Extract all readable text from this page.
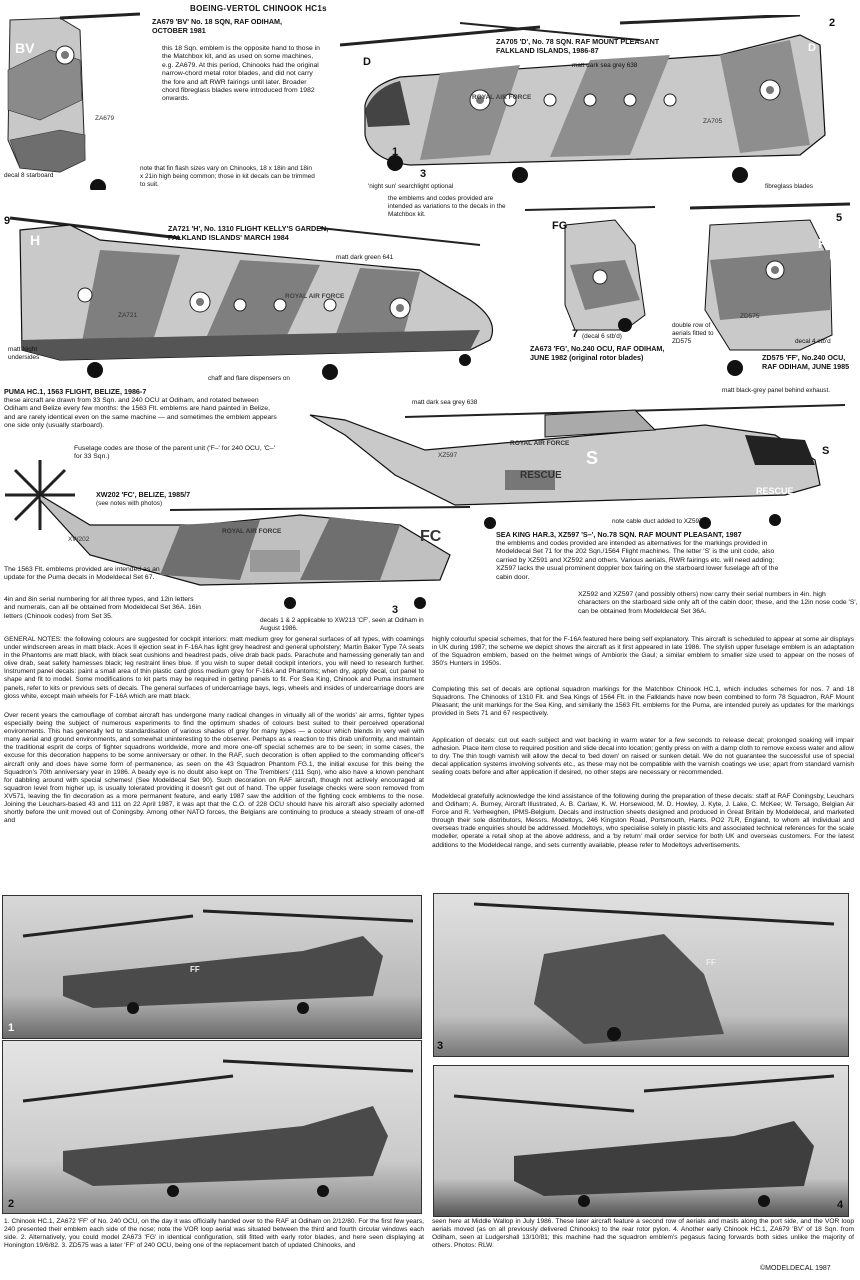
BOEING-VERTOL CHINOOK HC1s
BV
ZA679
ZA679 'BV' No. 18 SQN, RAF ODIHAM, OCTOBER 1981
this 18 Sqn. emblem is the opposite hand to those in the Matchbox kit, and as used on some machines, e.g. ZA679. At this period, Chinooks had the original narrow-chord metal rotor blades, and did not carry the fore and aft RWR fairings until later. Broader chord fibreglass blades were introduced from 1982 onwards.
note that fin flash sizes vary on Chinooks, 18 x 18in and 18in x 21in high being common; those in kit decals can be trimmed to suit.
decal 8 starboard
ROYAL AIR FORCE
ZA705
D
D
2
ZA705 'D', No. 78 SQN. RAF MOUNT PLEASANT FALKLAND ISLANDS, 1986-87
matt dark sea grey 638
1
3
'night sun' searchlight optional
the emblems and codes provided are intended as variations to the decals in the Matchbox kit.
fibreglass blades
H
ROYAL AIR FORCE
ZA721
9
ZA721 'H', No. 1310 FLIGHT KELLY'S GARDEN, FALKLAND ISLANDS' MARCH 1984
matt dark green 641
matt Night undersides
chaff and flare dispensers on
FG
7 (decal 6 stb'd)
ZA673 'FG', No.240 OCU, RAF ODIHAM, JUNE 1982 (original rotor blades)
FF
ZD575
5
double row of aerials fitted to ZD575	decal 4 stb'd
ZD575 'FF', No.240 OCU, RAF ODIHAM, JUNE 1985
PUMA HC.1, 1563 FLIGHT, BELIZE, 1986-7
these aircraft are drawn from 33 Sqn. and 240 OCU at Odiham, and rotated between Odiham and Belize every few months: the 1563 Flt. emblems are hand painted in Belize, and are rarely identical even on the same machine — and sometimes the emblem appears one side only (usually starboard).
Fuselage codes are those of the parent unit ('F–' for 240 OCU, 'C–' for 33 Sqn.)
ROYAL AIR FORCE
XZ597	S
RESCUE
RESCUE
S
matt dark sea grey 638
matt black-grey panel behind exhaust.
note cable duct added to XZ597
SEA KING HAR.3, XZ597 'S–', No.78 SQN. RAF MOUNT PLEASANT, 1987
the emblems and codes provided are intended as alternatives for the markings provided in Modeldecal Set 71 for the 202 Sqn./1564 Flight machines. The letter 'S' is the unit code, also carried by XZ591 and XZ592 and others. Various aerials, RWR fairings etc. will need adding; XZ597 lacks the usual prominent doppler box fairing on the starboard lower fuselage aft of the cabin door.
XZ592 and XZ597 (and possibly others) now carry their serial numbers in 4in. high characters on the starboard side only aft of the cabin door; these, and the 12in nose code 'S', can be obtained from Modeldecal Set 36A.
FC
XW202
ROYAL AIR FORCE
XW202 'FC', BELIZE, 1985/7
(see notes with photos)
The 1563 Flt. emblems provided are intended as an update for the Puma decals in Modeldecal Set 67.
4in and 8in serial numbering for all three types, and 12in letters and numerals, can all be obtained from Modeldecal Set 36A. 16in letters (Chinook codes) from Set 35.
3
decals 1 & 2 applicable to XW213 'CF', seen at Odiham in August 1986.
GENERAL NOTES: the following colours are suggested for cockpit interiors: matt medium grey for general surfaces of all types, with coamings under windscreen areas in matt black. Aces II ejection seat in F-16A has light grey headrest and general upholstery; Martin Baker Type 7A seats in the Phantoms are matt black, with black seat cushions and headrest pads, olive drab back pads. Parachute and harnessing generally tan and olive drab, seat safety harnesses black; leg restraint lines blue. If you wish to super detail cockpit interiors, you will need to research further. Instrument panel decals: paint a small area of thin plastic card gloss medium grey for F-16A and Phantoms; when dry, apply decal, cut panel to shape and fit to model. Some modifications to kit parts may be required in getting panels to fit. For Sea King, Chinook and Puma instrument panels, refer to kits or previous sets of decals. The general surfaces of undercarriage bays, legs, wheels and insides of undercarriage doors are gloss white, except main wheels for F-16A which are matt black.
Over recent years the camouflage of combat aircraft has undergone many radical changes in virtually all of the worlds' air arms, fighter types especially being the subject of numerous experiments to find the optimum shades of colours best suited to their perceived operational environments. This has generally led to standardisation of various shades of grey for many types — a colour which blends in very well with many aerial and ground environments, and somewhat uninteresting to the observer. Perhaps as a reaction to this drab uniformity, and maintain the traditional esprit de corps of fighter squadrons worldwide, more and more one-off special schemes are to be seen; in some cases, the excuse for this decoration happens to be some anniversary or other. In the RAF, such decoration is often applied to the commanding officer's aircraft only and does have some form of permanence, as seen on the 43 Squadron Phantom FG.1, the initial excuse for this being the Squadron's 70th anniversary year in 1986. A beady eye is no doubt also kept on 'The Tremblers' (111 Sqn), who also have a known penchant for dabbling around with special schemes! (See Modeldecal Set 90). Such decoration on RAF aircraft, though not actively encouraged at squadron level from higher up, is usually tolerated providing it doesn't get out of hand. The upper fuselage checks were soon removed from XV571, leaving the fin decoration as a more permanent feature, and early 1987 saw the addition of the fighting cock emblems to the nose. Joining the Leuchars-based 43 and 111 on 22 April 1987, it was apt that the C.O. of 228 OCU should have his aircraft also specially adorned shortly before the unit moved out of Coningsby. Among other NATO forces, the Belgians are continuing to produce a steady stream of one-off and
highly colourful special schemes, that for the F-16A featured here being self explanatory. This aircraft is scheduled to appear at some air displays in UK during 1987; the scheme we depict shows the aircraft as it first appeared in late 1986. The stylish upper fuselage emblem is an adaptation of the Squadron emblem, based on the helmet wings of Ambiorix the Gaul; a similar emblem to smaller size used to appear on the noses of 350's Hunters in 1950s.
Completing this set of decals are optional squadron markings for the Matchbox Chinook HC.1, which includes schemes for nos. 7 and 18 Squadrons. The Chinooks of 1310 Flt. and Sea Kings of 1564 Flt. in the Falklands have now been combined to form 78 Squadron, RAF Mount Pleasant; the unit markings for the Sea King, and similarly the 1563 Flt. emblems for the Puma, are intended purely as updates for the markings provided in Sets 71 and 67 respectively.
Application of decals: cut out each subject and wet backing in warm water for a few seconds to release decal; prolonged soaking will impair adhesion. Place item close to required position and slide decal into location; gently press on with a damp cloth to remove excess water and allow to dry. The thin tough varnish will allow the decal to 'bed down' on raised or sunken detail. We do not guarantee the successful use of special decal application systems involving solvents etc., as these may not be compatible with the varnish coatings we use; apart from standard varnish sealing coats before and after application if desired, no other steps are necessary or recommended.
Modeldecal gratefully acknowledge the kind assistance of the following during the preparation of these decals: staff at RAF Coningsby, Leuchars and Odiham; A. Burney, Aircraft Illustrated, A. B. Carlaw, K. W. Horsewood, M. D. Howley, J. Kyte, J. Lake, C. McKee; W. Tersago, Belgian Air Force and R. Verheeghen, IPMS-Belgium. Decals and instruction sheets designed and produced in Great Britain by Modeldecal, and marketed through their sole distributors, Messrs. Modeltoys, 246 Kingston Road, Portsmouth, Hants. PO2 7LR, England, to whom all individual and overseas trade enquiries should be addressed. Modeltoys, who specialise solely in plastic kits and associated technical references for the scale modeller, operate a retail shop at the above address, and a 'by return' mail order service for both UK and overseas customers. For the latest additions to the Modeldecal range, and sets currently available, please refer to Modeltoys advertisements.
FF
1
FF
3
2	4
1. Chinook HC.1, ZA672 'FF' of No. 240 OCU, on the day it was officially handed over to the RAF at Odiham on 2/12/80. For the first few years, 240 presented their emblem each side of the nose; note the VOR loop aerial was situated between the third and fourth circular windows each side. 2. Alternatively, you could model ZA673 'FG' in identical configuration, still fitted with early rotor blades, and here seen displaying at Honington 19/6/82. 3. ZD575 was a later 'FF' of 240 OCU, being one of the replacement batch of updated Chinooks, and
seen here at Middle Wallop in July 1986. These later aircraft feature a second row of aerials and masts along the port side, and the VOR loop aerials moved (as on all previously delivered Chinooks) to the rear rotor pylon. 4. Another early Chinook HC.1, ZA679 'BV' of 18 Sqn. from Odiham, seen at Ludgershall 13/10/81; this machine had the squadron emblem's pegasus facing forwards both sides unlike the majority of others. Photos: RLW.
©MODELDECAL 1987
